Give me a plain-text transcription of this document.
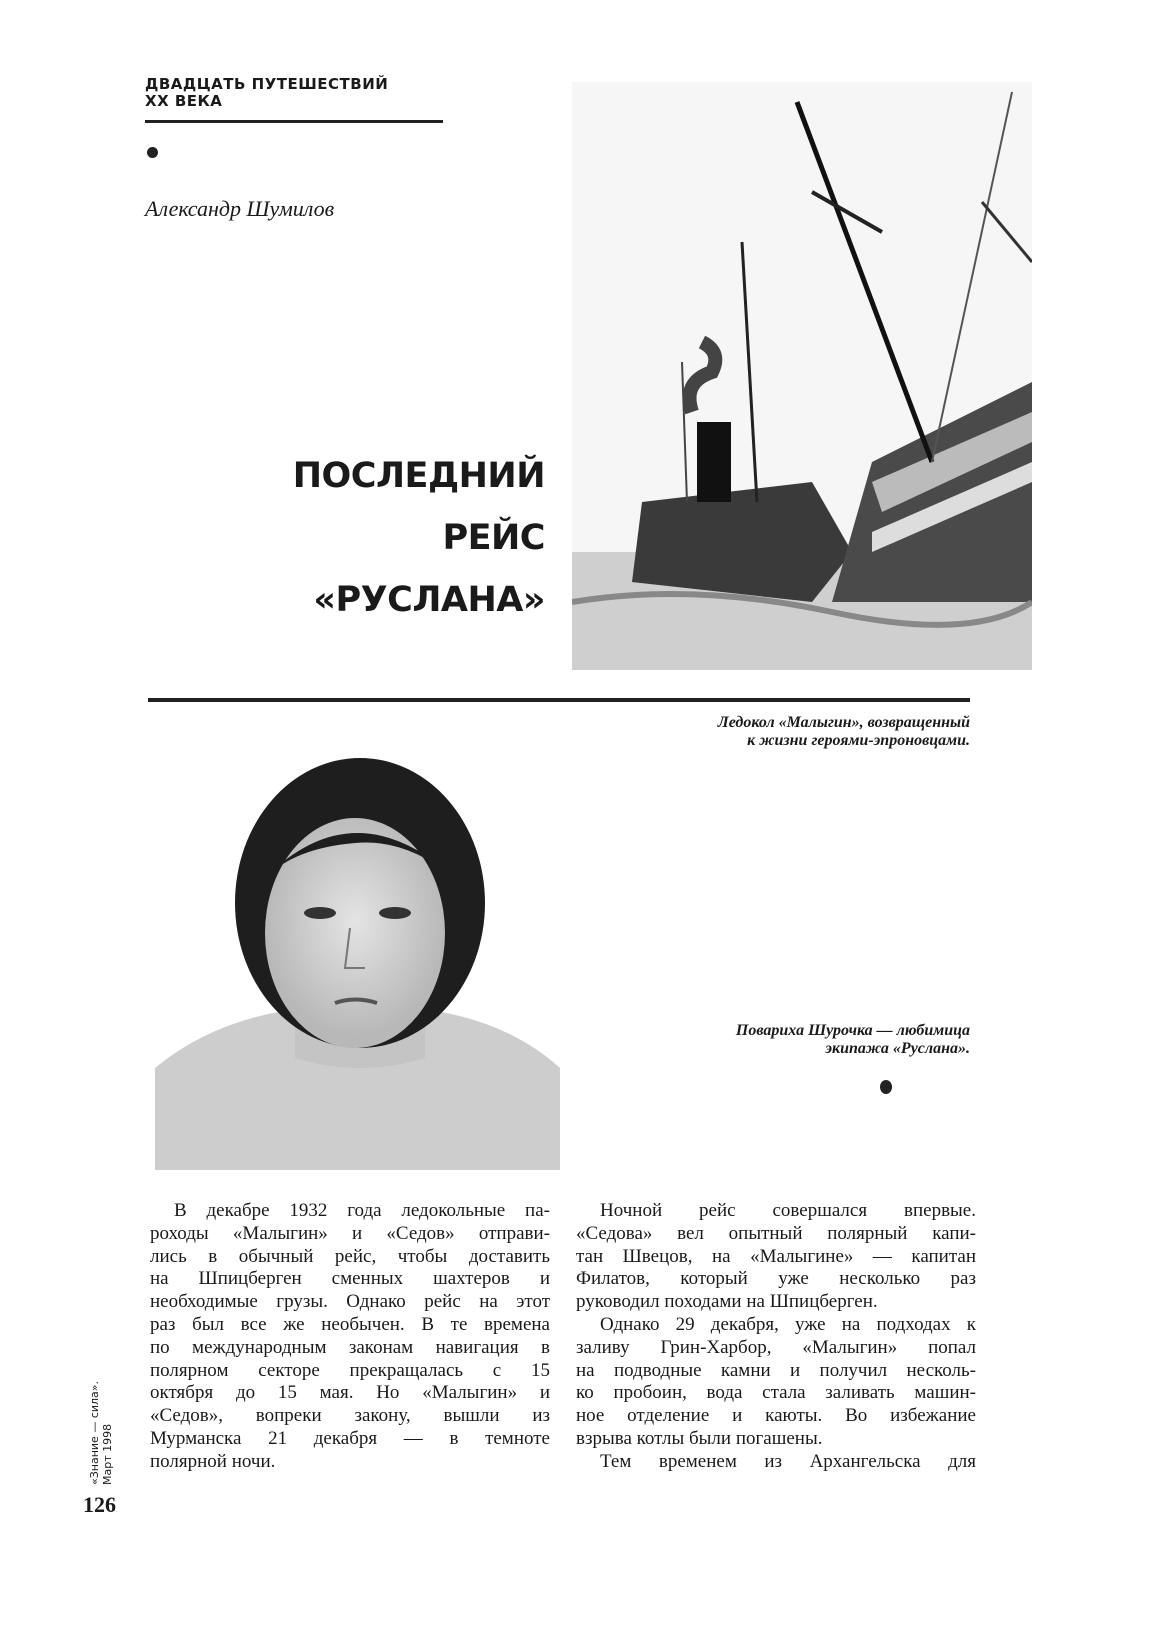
ДВАДЦАТЬ ПУТЕШЕСТВИЙ
XX ВЕКА
Александр Шумилов
ПОСЛЕДНИЙ
РЕЙС
«РУСЛАНА»
Ледокол «Малыгин», возвращенный
к жизни героями-эпроновцами.
Повариха Шурочка — любимица
экипажа «Руслана».
В декабре 1932 года ледокольные па-
роходы «Малыгин» и «Седов» отправи-
лись в обычный рейс, чтобы доставить
на Шпицберген сменных шахтеров и
необходимые грузы. Однако рейс на этот
раз был все же необычен. В те времена
по международным законам навигация в
полярном секторе прекращалась с 15
октября до 15 мая. Но «Малыгин» и
«Седов», вопреки закону, вышли из
Мурманска 21 декабря — в темноте
полярной ночи.
Ночной рейс совершался впервые.
«Седова» вел опытный полярный капи-
тан Швецов, на «Малыгине» — капитан
Филатов, который уже несколько раз
руководил походами на Шпицберген.
Однако 29 декабря, уже на подходах к
заливу Грин-Харбор, «Малыгин» попал
на подводные камни и получил несколь-
ко пробоин, вода стала заливать машин-
ное отделение и каюты. Во избежание
взрыва котлы были погашены.
Тем временем из Архангельска для
«Знание — сила». Март 1998
126
